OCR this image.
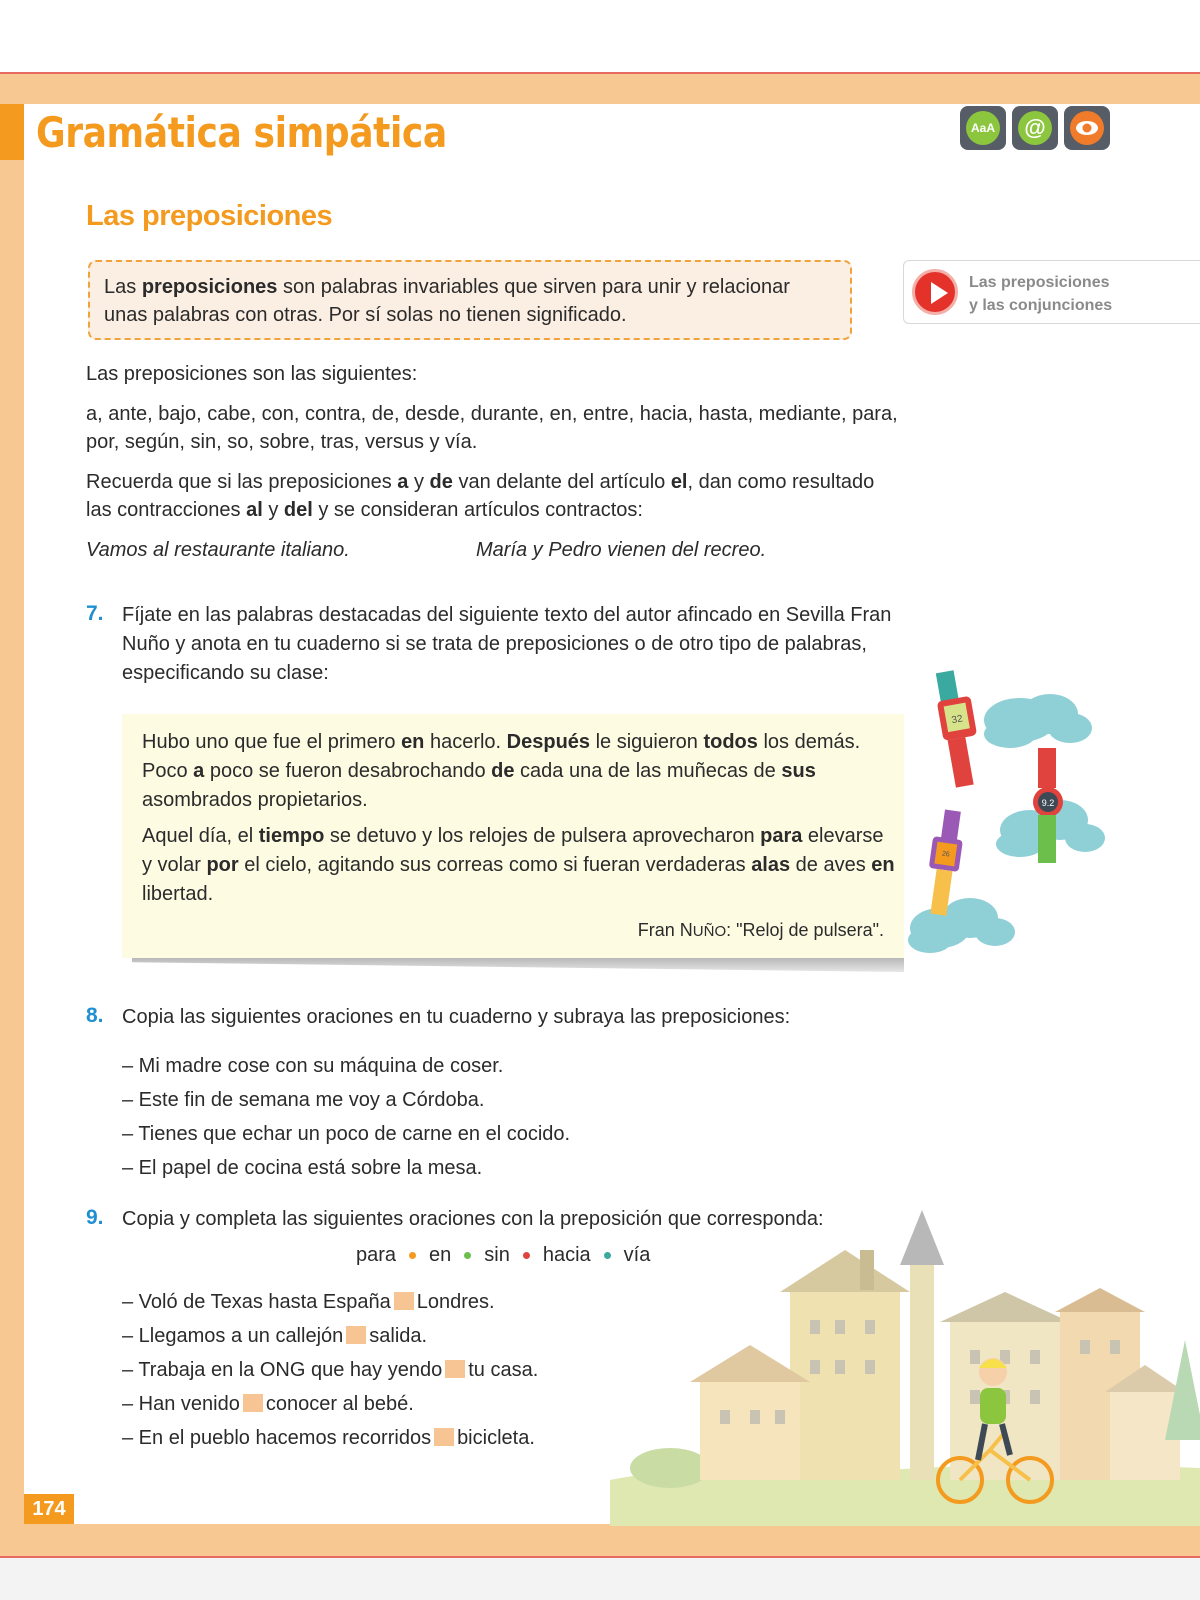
Gramática simpática	AaA @
Las preposiciones
Las preposiciones son palabras invariables que sirven para unir y relacionar unas palabras con otras. Por sí solas no tienen significado.
Las preposiciones
y las conjunciones
Las preposiciones son las siguientes:
a, ante, bajo, cabe, con, contra, de, desde, durante, en, entre, hacia, hasta, mediante, para, por, según, sin, so, sobre, tras, versus y vía.
Recuerda que si las preposiciones a y de van delante del artículo el, dan como resultado las contracciones al y del y se consideran artículos contractos:
Vamos al restaurante italiano.	María y Pedro vienen del recreo.
7. Fíjate en las palabras destacadas del siguiente texto del autor afincado en Sevilla Fran Nuño y anota en tu cuaderno si se trata de preposiciones o de otro tipo de palabras, especificando su clase:
Hubo uno que fue el primero en hacerlo. Después le siguieron todos los demás. Poco a poco se fueron desabrochando de cada una de las muñecas de sus asombrados propietarios.
Aquel día, el tiempo se detuvo y los relojes de pulsera aprovecharon para elevarse y volar por el cielo, agitando sus correas como si fueran verdaderas alas de aves en libertad.
Fran NUÑO: "Reloj de pulsera".
32
9.2
26
8. Copia las siguientes oraciones en tu cuaderno y subraya las preposiciones:
– Mi madre cose con su máquina de coser.
– Este fin de semana me voy a Córdoba.
– Tienes que echar un poco de carne en el cocido.
– El papel de cocina está sobre la mesa.
9. Copia y completa las siguientes oraciones con la preposición que corresponda:
para en sin hacia vía
– Voló de Texas hasta España Londres.
– Llegamos a un callejón salida.
– Trabaja en la ONG que hay yendo tu casa.
– Han venido conocer al bebé.
– En el pueblo hacemos recorridos bicicleta.
174
